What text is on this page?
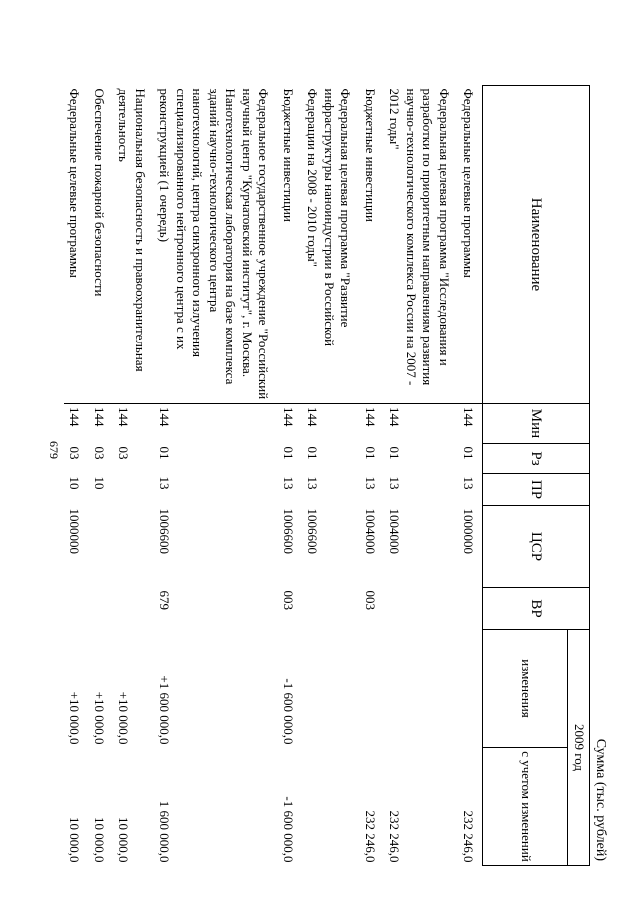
679
Сумма (тыс. рублей)
Наименование	Мин	Рз	ПР	ЦСР	ВР	2009 год	
						изменения	с учетом изменений
Федеральные целевые программы	144	01	13	1000000			232 246,0
Федеральная целевая программа "Исследования и разработки по приоритетным направлениям развития научно-технологического комплекса России на 2007 - 2012 годы"	144	01	13	1004000			232 246,0
Бюджетные инвестиции	144	01	13	1004000	003		232 246,0
Федеральная целевая программа "Развитие инфраструктуры наноиндустрии в Российской Федерации на 2008 - 2010 годы"	144	01	13	1006600			
Бюджетные инвестиции	144	01	13	1006600	003	-1 600 000,0	-1 600 000,0
Федеральное государственное учреждение "Российский научный центр "Курчатовский институт", г. Москва. Нанотехнологическая лаборатория на базе комплекса зданий научно-технологического центра нанотехнологий, центра синхронного излучения специализированного нейтронного центра с их реконструкцией (1 очередь)	144	01	13	1006600	679	+1 600 000,0	1 600 000,0
Национальная безопасность и правоохранительная деятельность	144	03				+10 000,0	10 000,0
Обеспечение пожарной безопасности	144	03	10			+10 000,0	10 000,0
Федеральные целевые программы	144	03	10	1000000		+10 000,0	10 000,0
